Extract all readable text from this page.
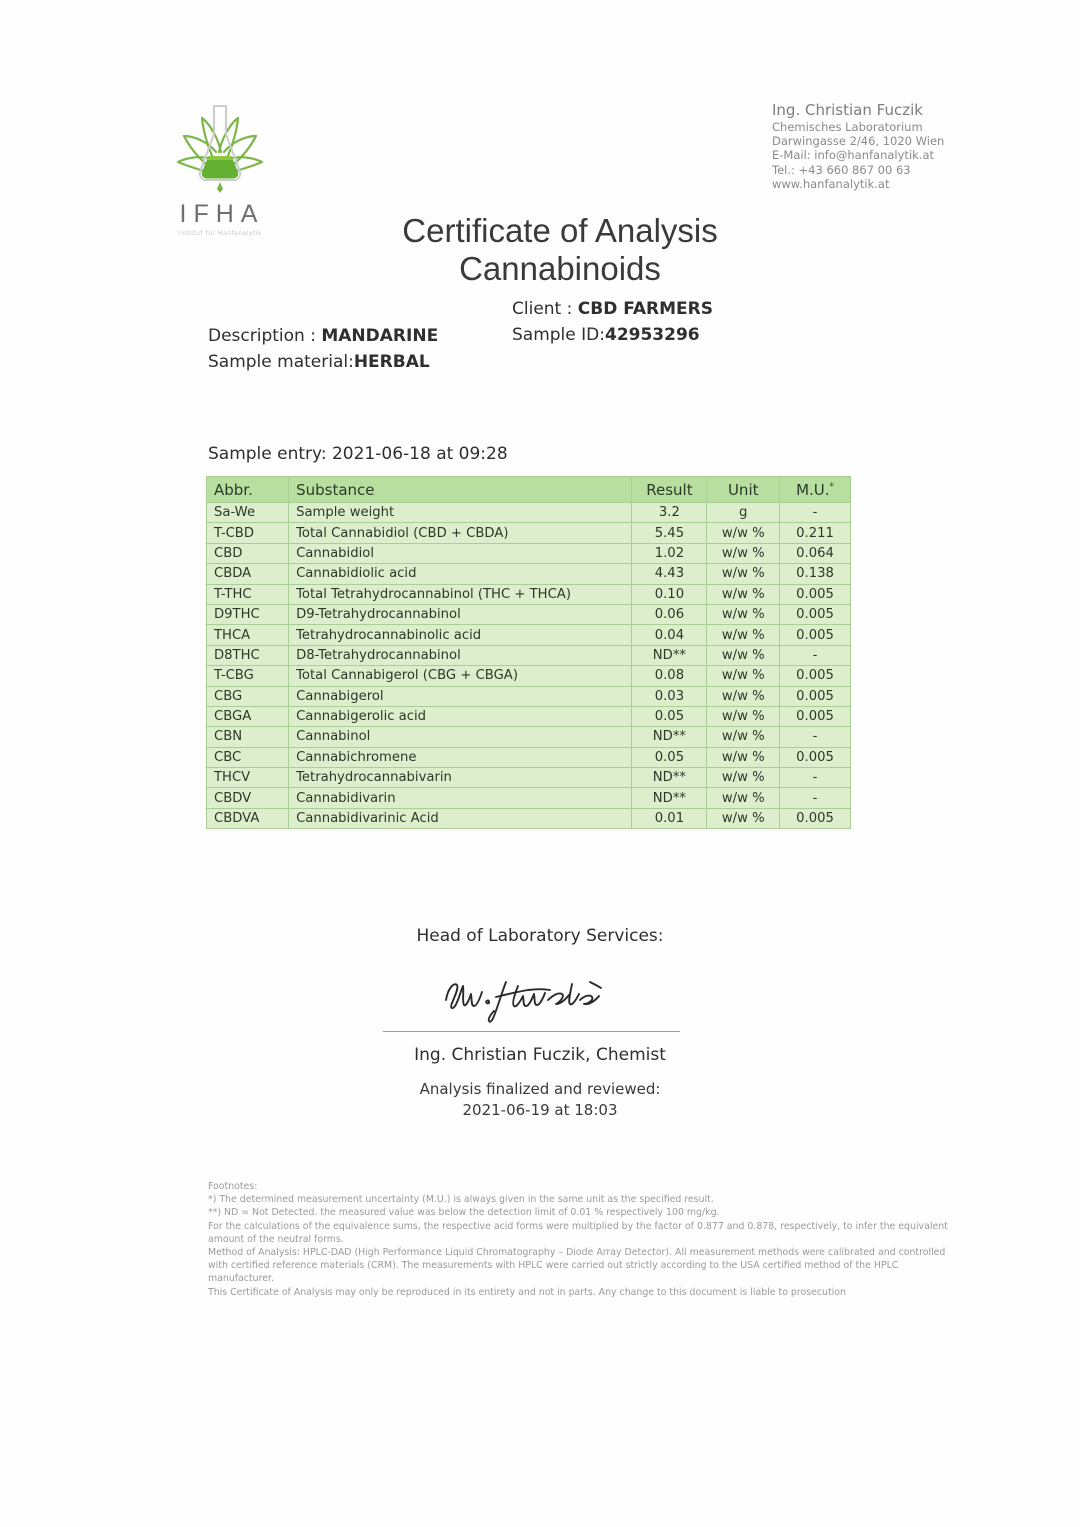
IFHA
Institut für Hanfanalytik
Ing. Christian Fuczik
Chemisches Laboratorium
Darwingasse 2/46, 1020 Wien
E-Mail: info@hanfanalytik.at
Tel.: +43 660 867 00 63
www.hanfanalytik.at
Certificate of Analysis
Cannabinoids
Client : CBD FARMERS
Sample ID:42953296
Description : MANDARINE
Sample material:HERBAL
Sample entry: 2021-06-18 at 09:28
Abbr.	Substance	Result	Unit	M.U.*
Sa-We	Sample weight	3.2	g	-
T-CBD	Total Cannabidiol (CBD + CBDA)	5.45	w/w %	0.211
CBD	Cannabidiol	1.02	w/w %	0.064
CBDA	Cannabidiolic acid	4.43	w/w %	0.138
T-THC	Total Tetrahydrocannabinol (THC + THCA)	0.10	w/w %	0.005
D9THC	D9-Tetrahydrocannabinol	0.06	w/w %	0.005
THCA	Tetrahydrocannabinolic acid	0.04	w/w %	0.005
D8THC	D8-Tetrahydrocannabinol	ND**	w/w %	-
T-CBG	Total Cannabigerol (CBG + CBGA)	0.08	w/w %	0.005
CBG	Cannabigerol	0.03	w/w %	0.005
CBGA	Cannabigerolic acid	0.05	w/w %	0.005
CBN	Cannabinol	ND**	w/w %	-
CBC	Cannabichromene	0.05	w/w %	0.005
THCV	Tetrahydrocannabivarin	ND**	w/w %	-
CBDV	Cannabidivarin	ND**	w/w %	-
CBDVA	Cannabidivarinic Acid	0.01	w/w %	0.005
Head of Laboratory Services:
Ing. Christian Fuczik, Chemist
Analysis finalized and reviewed:
2021-06-19 at 18:03
Footnotes:
*) The determined measurement uncertainty (M.U.) is always given in the same unit as the specified result.
**) ND = Not Detected. the measured value was below the detection limit of 0.01 % respectively 100 mg/kg.
For the calculations of the equivalence sums, the respective acid forms were multiplied by the factor of 0.877 and 0.878, respectively, to infer the equivalent amount of the neutral forms.
Method of Analysis: HPLC-DAD (High Performance Liquid Chromatography – Diode Array Detector). All measurement methods were calibrated and controlled with certified reference materials (CRM). The measurements with HPLC were carried out strictly according to the USA certified method of the HPLC manufacturer.
This Certificate of Analysis may only be reproduced in its entirety and not in parts. Any change to this document is liable to prosecution
